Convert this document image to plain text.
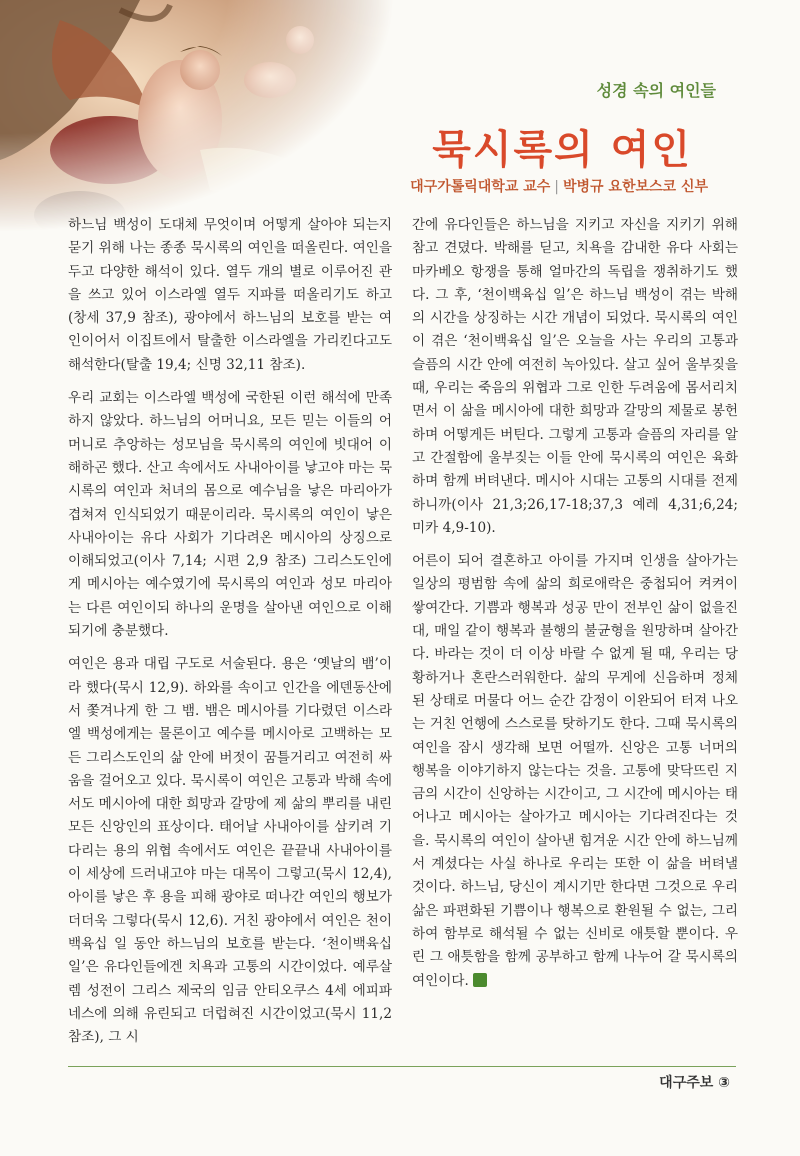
성경 속의 여인들
묵시록의 여인
대구가톨릭대학교 교수 | 박병규 요한보스코 신부

하느님 백성이 도대체 무엇이며 어떻게 살아야 되는지 묻기 위해 나는 종종 묵시록의 여인을 떠올린다. 여인을 두고 다양한 해석이 있다. 열두 개의 별로 이루어진 관을 쓰고 있어 이스라엘 열두 지파를 떠올리기도 하고(창세 37,9 참조), 광야에서 하느님의 보호를 받는 여인이어서 이집트에서 탈출한 이스라엘을 가리킨다고도 해석한다(탈출 19,4; 신명 32,11 참조).

우리 교회는 이스라엘 백성에 국한된 이런 해석에 만족하지 않았다. 하느님의 어머니요, 모든 믿는 이들의 어머니로 추앙하는 성모님을 묵시록의 여인에 빗대어 이해하곤 했다. 산고 속에서도 사내아이를 낳고야 마는 묵시록의 여인과 처녀의 몸으로 예수님을 낳은 마리아가 겹쳐져 인식되었기 때문이리라. 묵시록의 여인이 낳은 사내아이는 유다 사회가 기다려온 메시아의 상징으로 이해되었고(이사 7,14; 시편 2,9 참조) 그리스도인에게 메시아는 예수였기에 묵시록의 여인과 성모 마리아는 다른 여인이되 하나의 운명을 살아낸 여인으로 이해되기에 충분했다.

여인은 용과 대립 구도로 서술된다. 용은 ‘옛날의 뱀’이라 했다(묵시 12,9). 하와를 속이고 인간을 에덴동산에서 쫓겨나게 한 그 뱀. 뱀은 메시아를 기다렸던 이스라엘 백성에게는 물론이고 예수를 메시아로 고백하는 모든 그리스도인의 삶 안에 버젓이 꿈틀거리고 여전히 싸움을 걸어오고 있다. 묵시록이 여인은 고통과 박해 속에서도 메시아에 대한 희망과 갈망에 제 삶의 뿌리를 내린 모든 신앙인의 표상이다. 태어날 사내아이를 삼키려 기다리는 용의 위협 속에서도 여인은 끝끝내 사내아이를 이 세상에 드러내고야 마는 대목이 그렇고(묵시 12,4), 아이를 낳은 후 용을 피해 광야로 떠나간 여인의 행보가 더더욱 그렇다(묵시 12,6). 거친 광야에서 여인은 천이백육십 일 동안 하느님의 보호를 받는다. ‘천이백육십 일’은 유다인들에겐 치욕과 고통의 시간이었다. 예루살렘 성전이 그리스 제국의 임금 안티오쿠스 4세 에피파네스에 의해 유린되고 더럽혀진 시간이었고(묵시 11,2 참조), 그 시

간에 유다인들은 하느님을 지키고 자신을 지키기 위해 참고 견뎠다. 박해를 딛고, 치욕을 감내한 유다 사회는 마카베오 항쟁을 통해 얼마간의 독립을 쟁취하기도 했다. 그 후, ‘천이백육십 일’은 하느님 백성이 겪는 박해의 시간을 상징하는 시간 개념이 되었다. 묵시록의 여인이 겪은 ‘천이백육십 일’은 오늘을 사는 우리의 고통과 슬픔의 시간 안에 여전히 녹아있다. 살고 싶어 울부짖을 때, 우리는 죽음의 위협과 그로 인한 두려움에 몸서리치면서 이 삶을 메시아에 대한 희망과 갈망의 제물로 봉헌하며 어떻게든 버틴다. 그렇게 고통과 슬픔의 자리를 알고 간절함에 울부짖는 이들 안에 묵시록의 여인은 육화하며 함께 버텨낸다. 메시아 시대는 고통의 시대를 전제하니까(이사 21,3;26,17-18;37,3 예레 4,31;6,24; 미카 4,9-10).

어른이 되어 결혼하고 아이를 가지며 인생을 살아가는 일상의 평범함 속에 삶의 희로애락은 중첩되어 켜켜이 쌓여간다. 기쁨과 행복과 성공 만이 전부인 삶이 없을진대, 매일 같이 행복과 불행의 불균형을 원망하며 살아간다. 바라는 것이 더 이상 바랄 수 없게 될 때, 우리는 당황하거나 혼란스러워한다. 삶의 무게에 신음하며 정체된 상태로 머물다 어느 순간 감정이 이완되어 터져 나오는 거친 언행에 스스로를 탓하기도 한다. 그때 묵시록의 여인을 잠시 생각해 보면 어떨까. 신앙은 고통 너머의 행복을 이야기하지 않는다는 것을. 고통에 맞닥뜨린 지금의 시간이 신앙하는 시간이고, 그 시간에 메시아는 태어나고 메시아는 살아가고 메시아는 기다려진다는 것을. 묵시록의 여인이 살아낸 힘겨운 시간 안에 하느님께서 계셨다는 사실 하나로 우리는 또한 이 삶을 버텨낼 것이다. 하느님, 당신이 계시기만 한다면 그것으로 우리 삶은 파편화된 기쁨이나 행복으로 환원될 수 없는, 그리하여 함부로 해석될 수 없는 신비로 애틋할 뿐이다. 우린 그 애틋함을 함께 공부하고 함께 나누어 갈 묵시록의 여인이다.

대구주보 ③
